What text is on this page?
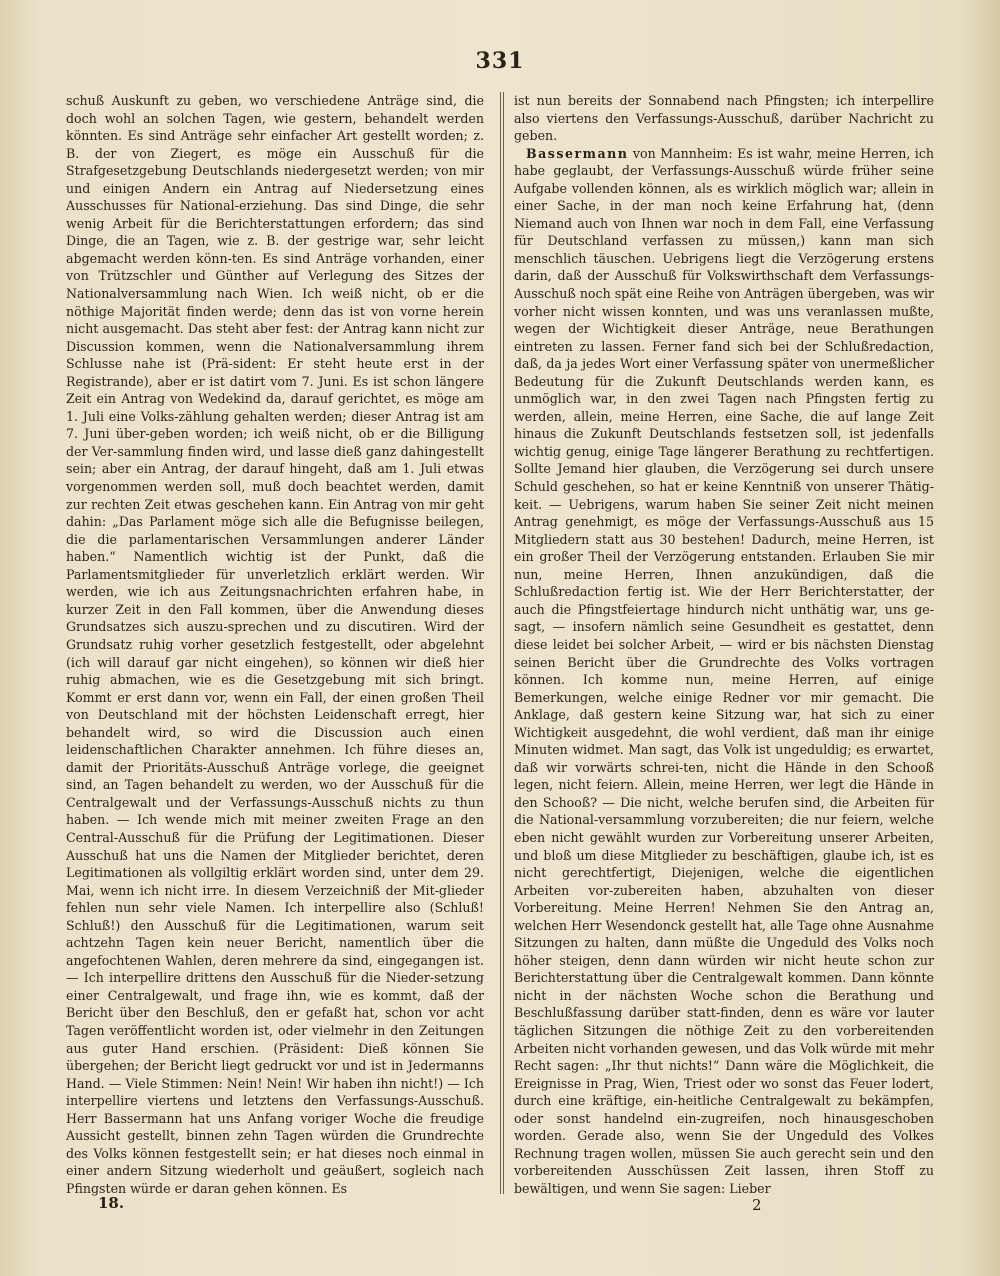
331

schuß Auskunft zu geben, wo verschiedene Anträge sind, die doch wohl an solchen Tagen, wie gestern, behandelt werden könnten. Es sind Anträge sehr einfacher Art gestellt worden; z. B. der von Ziegert, es möge ein Ausschuß für die Strafgesetzgebung Deutschlands niedergesetzt werden; von mir und einigen Andern ein Antrag auf Niedersetzung eines Ausschusses für National-erziehung. Das sind Dinge, die sehr wenig Arbeit für die Berichterstattungen erfordern; das sind Dinge, die an Tagen, wie z. B. der gestrige war, sehr leicht abgemacht werden könn-ten. Es sind Anträge vorhanden, einer von Trützschler und Günther auf Verlegung des Sitzes der Nationalversammlung nach Wien. Ich weiß nicht, ob er die nöthige Majorität finden werde; denn das ist von vorne herein nicht ausgemacht. Das steht aber fest: der Antrag kann nicht zur Discussion kommen, wenn die Nationalversammlung ihrem Schlusse nahe ist (Prä-sident: Er steht heute erst in der Registrande), aber er ist datirt vom 7. Juni. Es ist schon längere Zeit ein Antrag von Wedekind da, darauf gerichtet, es möge am 1. Juli eine Volks-zählung gehalten werden; dieser Antrag ist am 7. Juni über-geben worden; ich weiß nicht, ob er die Billigung der Ver-sammlung finden wird, und lasse dieß ganz dahingestellt sein; aber ein Antrag, der darauf hingeht, daß am 1. Juli etwas vorgenommen werden soll, muß doch beachtet werden, damit zur rechten Zeit etwas geschehen kann. Ein Antrag von mir geht dahin: „Das Parlament möge sich alle die Befugnisse beilegen, die die parlamentarischen Versammlungen anderer Länder haben.“ Namentlich wichtig ist der Punkt, daß die Parlamentsmitglieder für unverletzlich erklärt werden. Wir werden, wie ich aus Zeitungsnachrichten erfahren habe, in kurzer Zeit in den Fall kommen, über die Anwendung dieses Grundsatzes sich auszu-sprechen und zu discutiren. Wird der Grundsatz ruhig vorher gesetzlich festgestellt, oder abgelehnt (ich will darauf gar nicht eingehen), so können wir dieß hier ruhig abmachen, wie es die Gesetzgebung mit sich bringt. Kommt er erst dann vor, wenn ein Fall, der einen großen Theil von Deutschland mit der höchsten Leidenschaft erregt, hier behandelt wird, so wird die Discussion auch einen leidenschaftlichen Charakter annehmen. Ich führe dieses an, damit der Prioritäts-Ausschuß Anträge vorlege, die geeignet sind, an Tagen behandelt zu werden, wo der Ausschuß für die Centralgewalt und der Verfassungs-Ausschuß nichts zu thun haben. — Ich wende mich mit meiner zweiten Frage an den Central-Ausschuß für die Prüfung der Legitimationen. Dieser Ausschuß hat uns die Namen der Mitglieder berichtet, deren Legitimationen als vollgiltig erklärt worden sind, unter dem 29. Mai, wenn ich nicht irre. In diesem Verzeichniß der Mit-glieder fehlen nun sehr viele Namen. Ich interpellire also (Schluß! Schluß!) den Ausschuß für die Legitimationen, warum seit achtzehn Tagen kein neuer Bericht, namentlich über die angefochtenen Wahlen, deren mehrere da sind, eingegangen ist. — Ich interpellire drittens den Ausschuß für die Nieder-setzung einer Centralgewalt, und frage ihn, wie es kommt, daß der Bericht über den Beschluß, den er gefaßt hat, schon vor acht Tagen veröffentlicht worden ist, oder vielmehr in den Zeitungen aus guter Hand erschien. (Präsident: Dieß können Sie übergehen; der Bericht liegt gedruckt vor und ist in Jedermanns Hand. — Viele Stimmen: Nein! Nein! Wir haben ihn nicht!) — Ich interpellire viertens und letztens den Verfassungs-Ausschuß. Herr Bassermann hat uns Anfang voriger Woche die freudige Aussicht gestellt, binnen zehn Tagen würden die Grundrechte des Volks können festgestellt sein; er hat dieses noch einmal in einer andern Sitzung wiederholt und geäußert, sogleich nach Pfingsten würde er daran gehen können. Es

ist nun bereits der Sonnabend nach Pfingsten; ich interpellire also viertens den Verfassungs-Ausschuß, darüber Nachricht zu geben.

Bassermann von Mannheim: Es ist wahr, meine Herren, ich habe geglaubt, der Verfassungs-Ausschuß würde früher seine Aufgabe vollenden können, als es wirklich möglich war; allein in einer Sache, in der man noch keine Erfahrung hat, (denn Niemand auch von Ihnen war noch in dem Fall, eine Verfassung für Deutschland verfassen zu müssen,) kann man sich menschlich täuschen. Uebrigens liegt die Verzögerung erstens darin, daß der Ausschuß für Volkswirthschaft dem Verfassungs-Ausschuß noch spät eine Reihe von Anträgen übergeben, was wir vorher nicht wissen konnten, und was uns veranlassen mußte, wegen der Wichtigkeit dieser Anträge, neue Berathungen eintreten zu lassen. Ferner fand sich bei der Schlußredaction, daß, da ja jedes Wort einer Verfassung später von unermeßlicher Bedeutung für die Zukunft Deutschlands werden kann, es unmöglich war, in den zwei Tagen nach Pfingsten fertig zu werden, allein, meine Herren, eine Sache, die auf lange Zeit hinaus die Zukunft Deutschlands festsetzen soll, ist jedenfalls wichtig genug, einige Tage längerer Berathung zu rechtfertigen. Sollte Jemand hier glauben, die Verzögerung sei durch unsere Schuld geschehen, so hat er keine Kenntniß von unserer Thätig-keit. — Uebrigens, warum haben Sie seiner Zeit nicht meinen Antrag genehmigt, es möge der Verfassungs-Ausschuß aus 15 Mitgliedern statt aus 30 bestehen! Dadurch, meine Herren, ist ein großer Theil der Verzögerung entstanden. Erlauben Sie mir nun, meine Herren, Ihnen anzukündigen, daß die Schlußredaction fertig ist. Wie der Herr Berichterstatter, der auch die Pfingstfeiertage hindurch nicht unthätig war, uns ge-sagt, — insofern nämlich seine Gesundheit es gestattet, denn diese leidet bei solcher Arbeit, — wird er bis nächsten Dienstag seinen Bericht über die Grundrechte des Volks vortragen können. Ich komme nun, meine Herren, auf einige Bemerkungen, welche einige Redner vor mir gemacht. Die Anklage, daß gestern keine Sitzung war, hat sich zu einer Wichtigkeit ausgedehnt, die wohl verdient, daß man ihr einige Minuten widmet. Man sagt, das Volk ist ungeduldig; es erwartet, daß wir vorwärts schrei-ten, nicht die Hände in den Schooß legen, nicht feiern. Allein, meine Herren, wer legt die Hände in den Schooß? — Die nicht, welche berufen sind, die Arbeiten für die National-versammlung vorzubereiten; die nur feiern, welche eben nicht gewählt wurden zur Vorbereitung unserer Arbeiten, und bloß um diese Mitglieder zu beschäftigen, glaube ich, ist es nicht gerechtfertigt, Diejenigen, welche die eigentlichen Arbeiten vor-zubereiten haben, abzuhalten von dieser Vorbereitung. Meine Herren! Nehmen Sie den Antrag an, welchen Herr Wesendonck gestellt hat, alle Tage ohne Ausnahme Sitzungen zu halten, dann müßte die Ungeduld des Volks noch höher steigen, denn dann würden wir nicht heute schon zur Berichterstattung über die Centralgewalt kommen. Dann könnte nicht in der nächsten Woche schon die Berathung und Beschlußfassung darüber statt-finden, denn es wäre vor lauter täglichen Sitzungen die nöthige Zeit zu den vorbereitenden Arbeiten nicht vorhanden gewesen, und das Volk würde mit mehr Recht sagen: „Ihr thut nichts!“ Dann wäre die Möglichkeit, die Ereignisse in Prag, Wien, Triest oder wo sonst das Feuer lodert, durch eine kräftige, ein-heitliche Centralgewalt zu bekämpfen, oder sonst handelnd ein-zugreifen, noch hinausgeschoben worden. Gerade also, wenn Sie der Ungeduld des Volkes Rechnung tragen wollen, müssen Sie auch gerecht sein und den vorbereitenden Ausschüssen Zeit lassen, ihren Stoff zu bewältigen, und wenn Sie sagen: Lieber

18.	2
